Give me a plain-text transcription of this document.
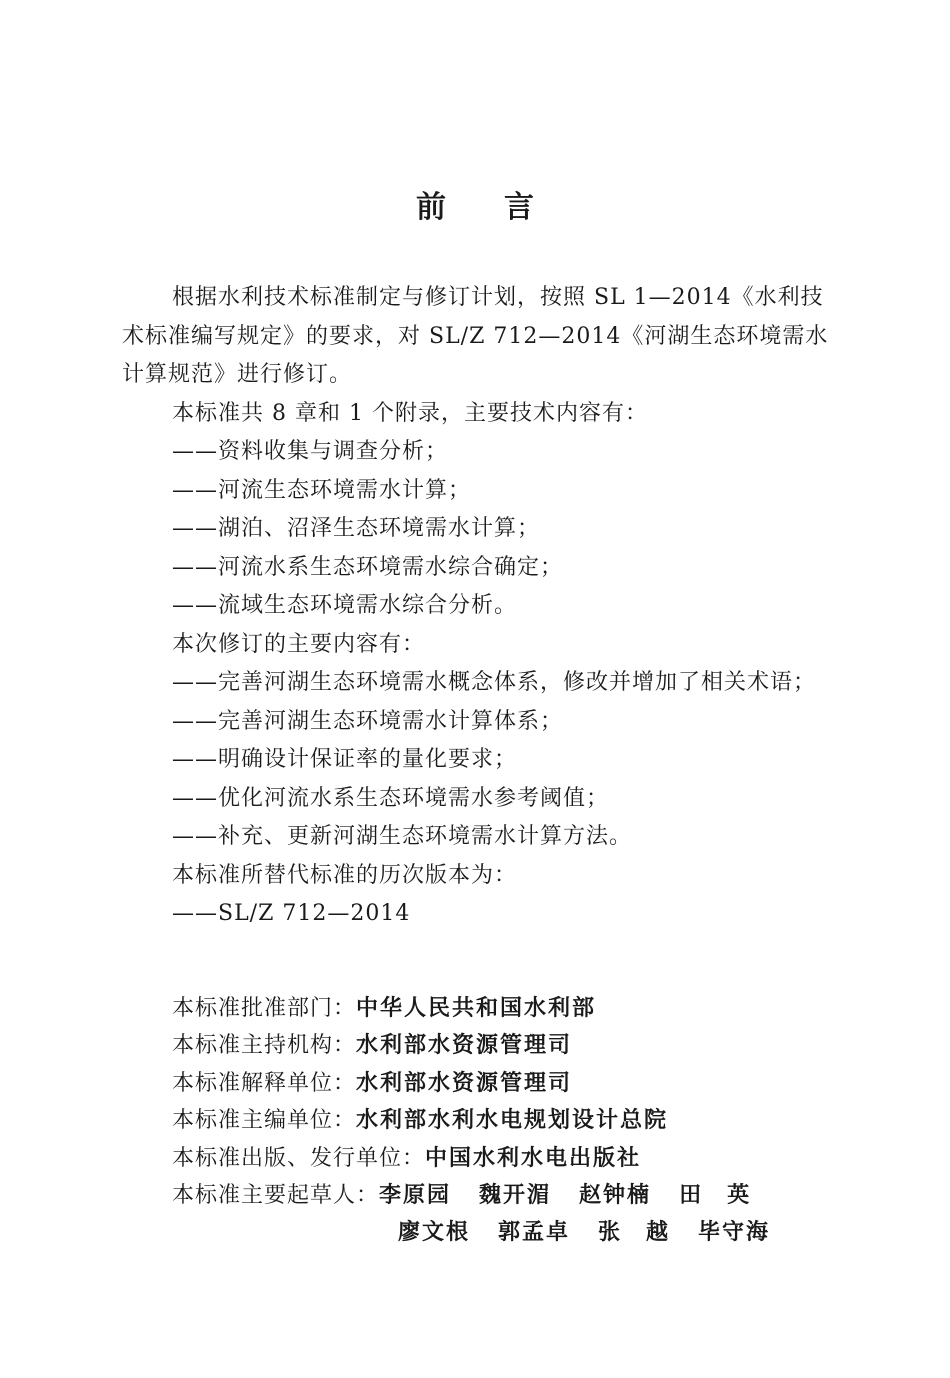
前 言

根据水利技术标准制定与修订计划，按照 SL 1—2014《水利技术标准编写规定》的要求，对 SL/Z 712—2014《河湖生态环境需水计算规范》进行修订。

本标准共 8 章和 1 个附录，主要技术内容有：

——资料收集与调查分析；

——河流生态环境需水计算；

——湖泊、沼泽生态环境需水计算；

——河流水系生态环境需水综合确定；

——流域生态环境需水综合分析。

本次修订的主要内容有：

——完善河湖生态环境需水概念体系，修改并增加了相关术语；

——完善河湖生态环境需水计算体系；

——明确设计保证率的量化要求；

——优化河流水系生态环境需水参考阈值；

——补充、更新河湖生态环境需水计算方法。

本标准所替代标准的历次版本为：

——SL/Z 712—2014

本标准批准部门：中华人民共和国水利部
本标准主持机构：水利部水资源管理司
本标准解释单位：水利部水资源管理司
本标准主编单位：水利部水利水电规划设计总院
本标准出版、发行单位：中国水利水电出版社
本标准主要起草人：李原园 魏开湄 赵钟楠 田　英
廖文根 郭孟卓 张　越 毕守海
